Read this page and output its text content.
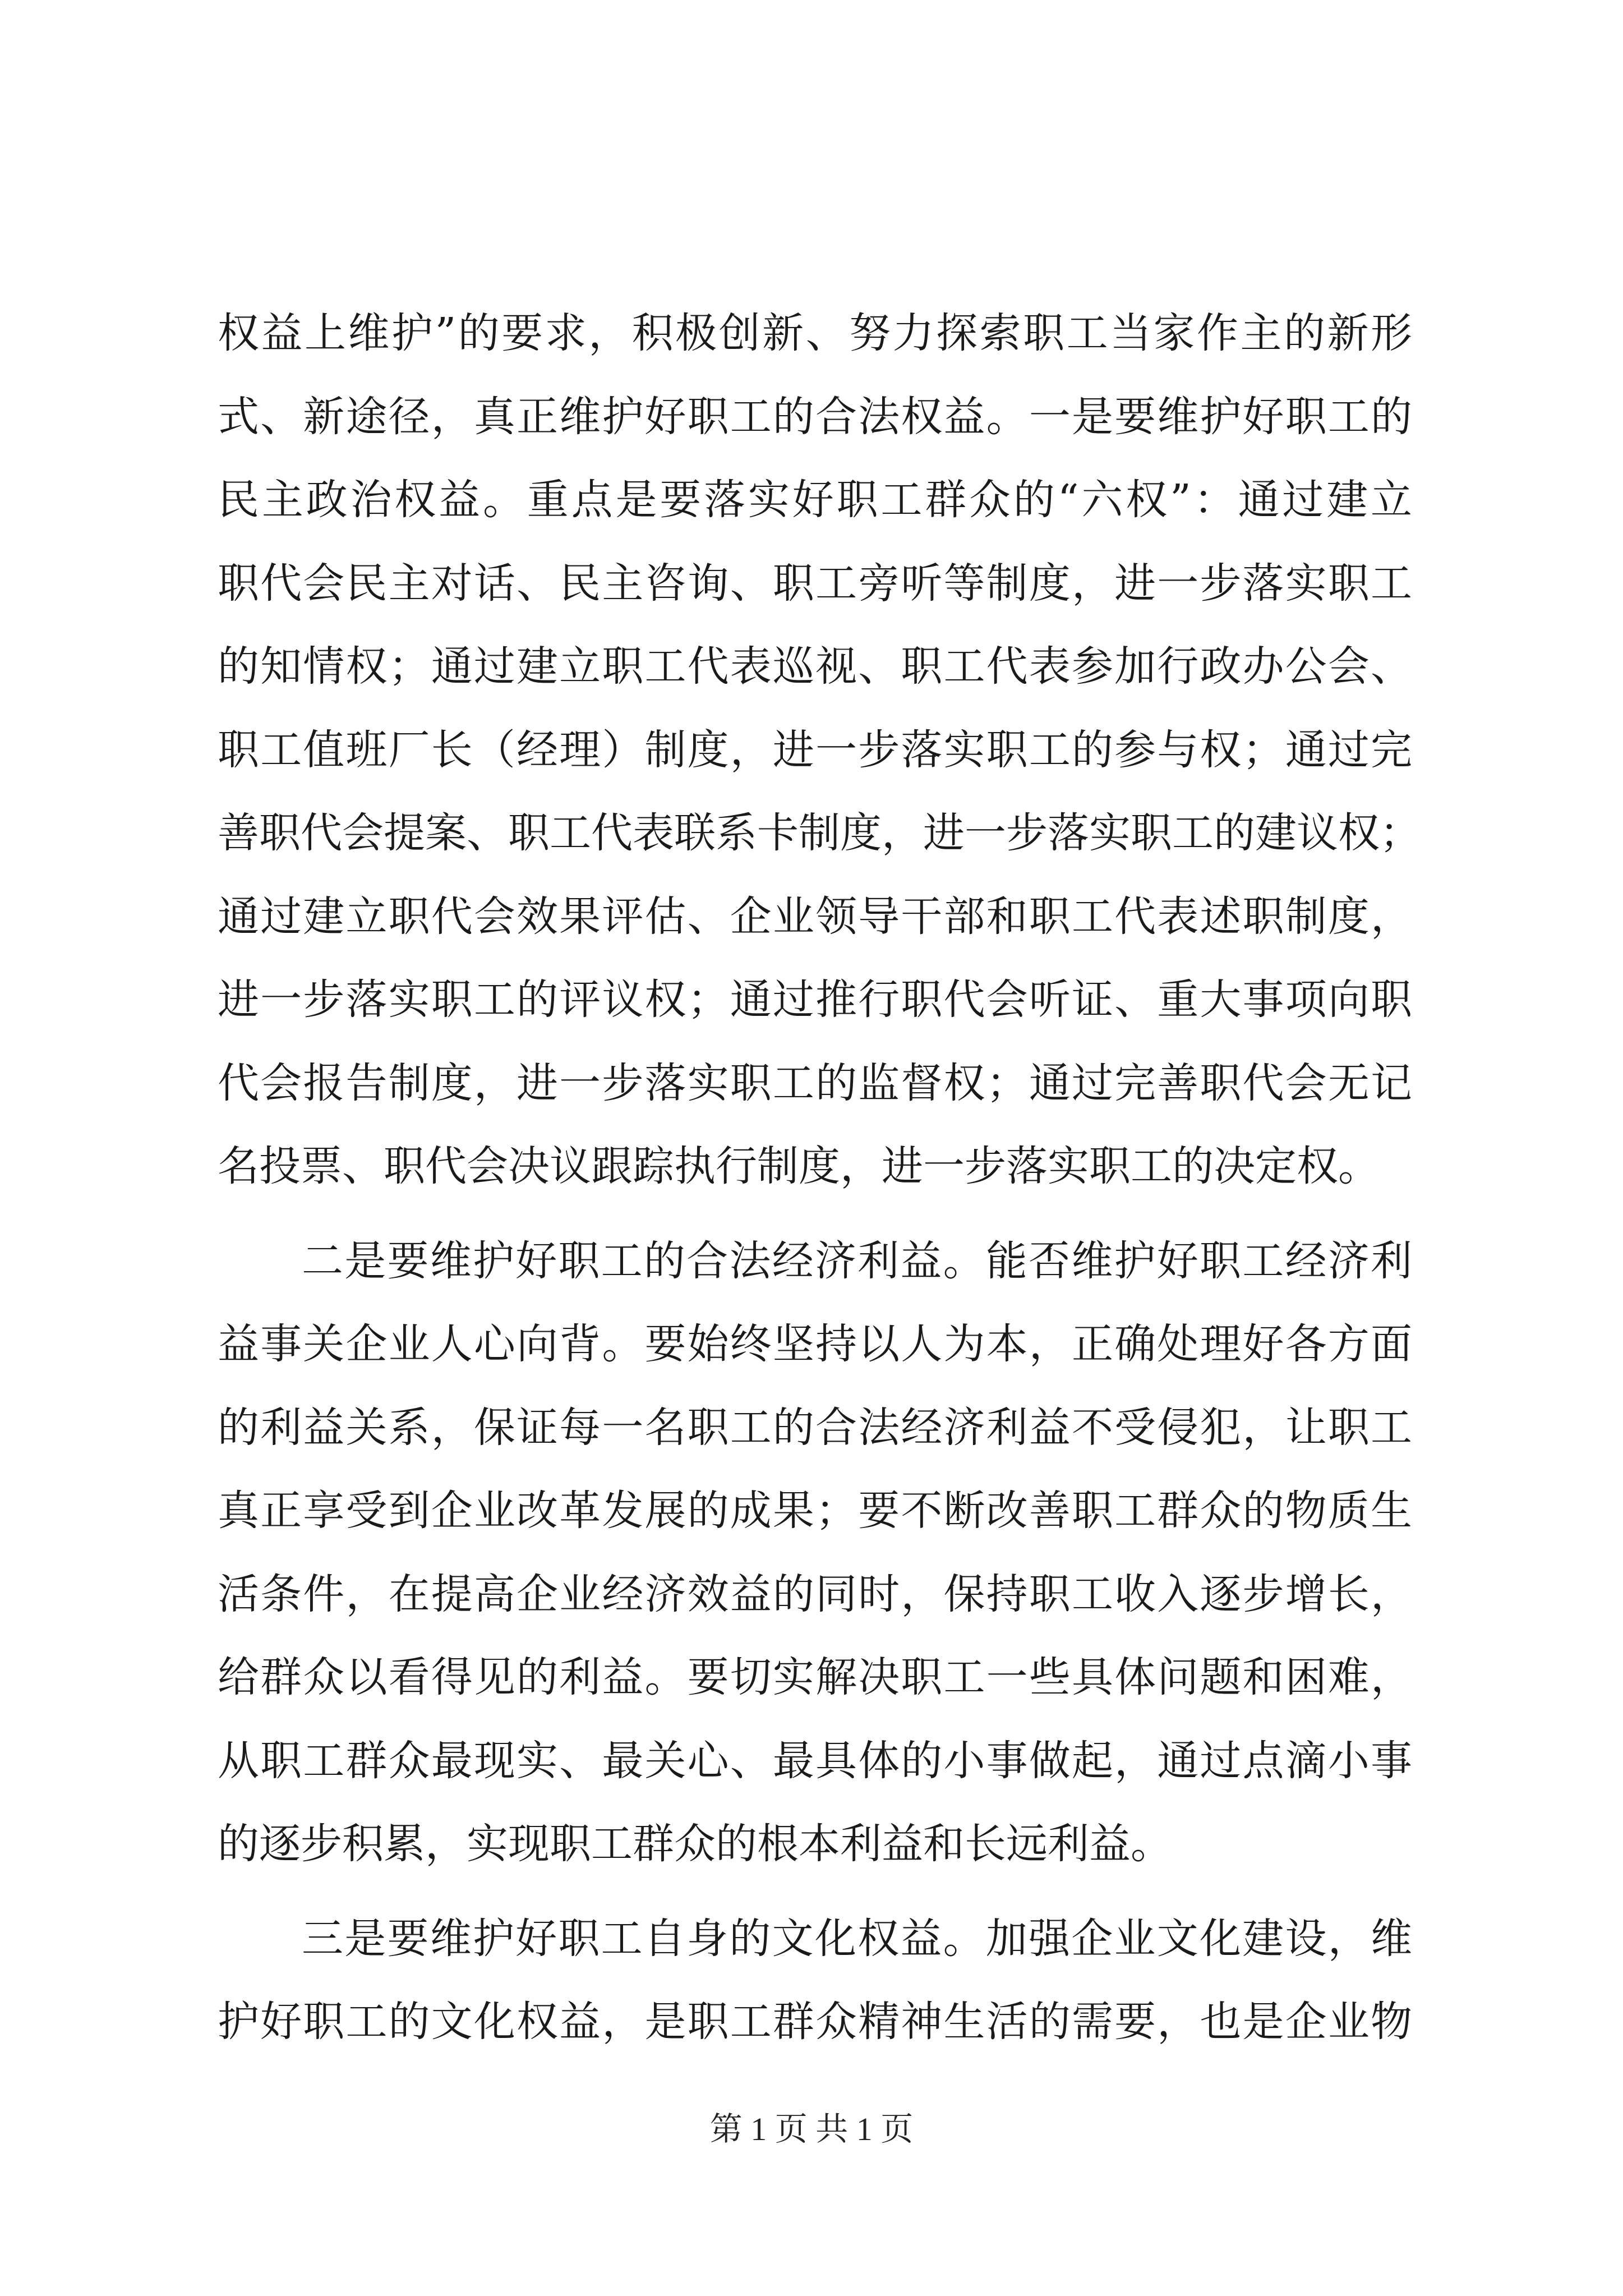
权益上维护”的要求，积极创新、努力探索职工当家作主的新形
式、新途径，真正维护好职工的合法权益。一是要维护好职工的
民主政治权益。重点是要落实好职工群众的“六权”：通过建立
职代会民主对话、民主咨询、职工旁听等制度，进一步落实职工
的知情权；通过建立职工代表巡视、职工代表参加行政办公会、
职工值班厂长（经理）制度，进一步落实职工的参与权；通过完
善职代会提案、职工代表联系卡制度，进一步落实职工的建议权；
通过建立职代会效果评估、企业领导干部和职工代表述职制度，
进一步落实职工的评议权；通过推行职代会听证、重大事项向职
代会报告制度，进一步落实职工的监督权；通过完善职代会无记
名投票、职代会决议跟踪执行制度，进一步落实职工的决定权。
二是要维护好职工的合法经济利益。能否维护好职工经济利
益事关企业人心向背。要始终坚持以人为本，正确处理好各方面
的利益关系，保证每一名职工的合法经济利益不受侵犯，让职工
真正享受到企业改革发展的成果；要不断改善职工群众的物质生
活条件，在提高企业经济效益的同时，保持职工收入逐步增长，
给群众以看得见的利益。要切实解决职工一些具体问题和困难，
从职工群众最现实、最关心、最具体的小事做起，通过点滴小事
的逐步积累，实现职工群众的根本利益和长远利益。
三是要维护好职工自身的文化权益。加强企业文化建设，维
护好职工的文化权益，是职工群众精神生活的需要，也是企业物
第 1 页 共 1 页
